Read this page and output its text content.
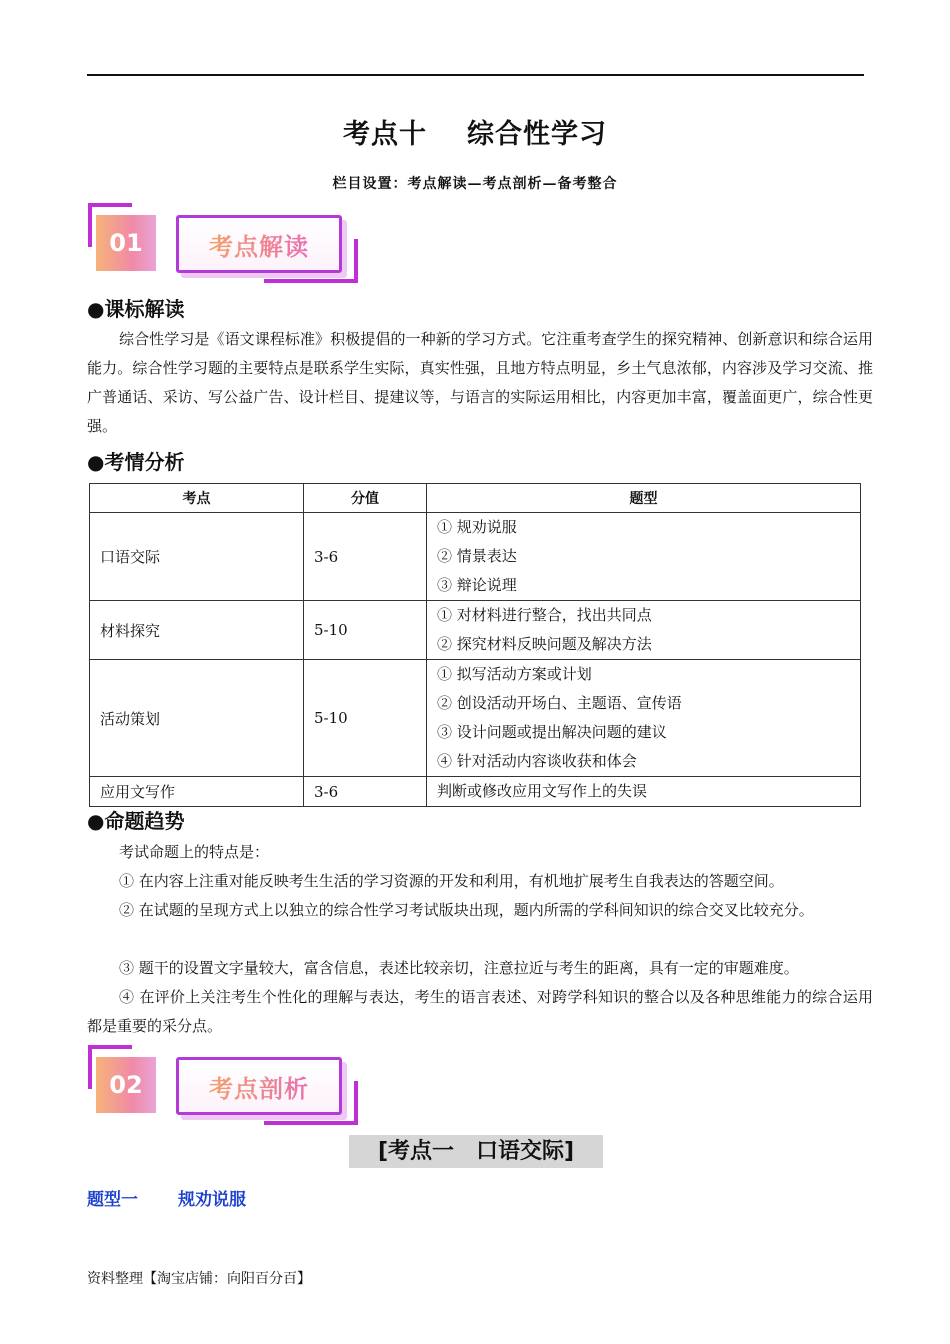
考点十 综合性学习
栏目设置：考点解读—考点剖析—备考整合
01	考点解读
●课标解读
综合性学习是《语文课程标准》积极提倡的一种新的学习方式。它注重考查学生的探究精神、创新意识和综合运用能力。综合性学习题的主要特点是联系学生实际，真实性强，且地方特点明显，乡土气息浓郁，内容涉及学习交流、推广普通话、采访、写公益广告、设计栏目、提建议等，与语言的实际运用相比，内容更加丰富，覆盖面更广，综合性更强。
●考情分析
考点	分值	题型
口语交际	3-6	① 规劝说服
② 情景表达
③ 辩论说理

材料探究	5-10	① 对材料进行整合，找出共同点
② 探究材料反映问题及解决方法

活动策划	5-10	① 拟写活动方案或计划
② 创设活动开场白、主题语、宣传语
③ 设计问题或提出解决问题的建议
④ 针对活动内容谈收获和体会

应用文写作	3-6	判断或修改应用文写作上的失误
●命题趋势
考试命题上的特点是：
① 在内容上注重对能反映考生生活的学习资源的开发和利用，有机地扩展考生自我表达的答题空间。
② 在试题的呈现方式上以独立的综合性学习考试版块出现，题内所需的学科间知识的综合交叉比较充分。
③ 题干的设置文字量较大，富含信息，表述比较亲切，注意拉近与考生的距离，具有一定的审题难度。
④ 在评价上关注考生个性化的理解与表达，考生的语言表述、对跨学科知识的整合以及各种思维能力的综合运用都是重要的采分点。
02	考点剖析
[考点一　口语交际]
题型一 规劝说服
资料整理【淘宝店铺：向阳百分百】
